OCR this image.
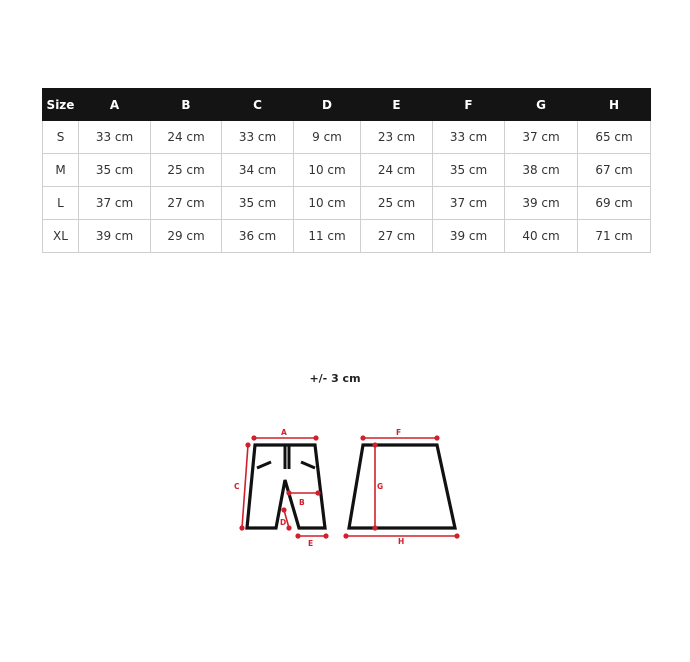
Size	A	B	C	D	E	F	G	H
S	33 cm	24 cm	33 cm	9 cm	23 cm	33 cm	37 cm	65 cm
M	35 cm	25 cm	34 cm	10 cm	24 cm	35 cm	38 cm	67 cm
L	37 cm	27 cm	35 cm	10 cm	25 cm	37 cm	39 cm	69 cm
XL	39 cm	29 cm	36 cm	11 cm	27 cm	39 cm	40 cm	71 cm
+/- 3 cm
A
C
B
D
E
F
G
H
